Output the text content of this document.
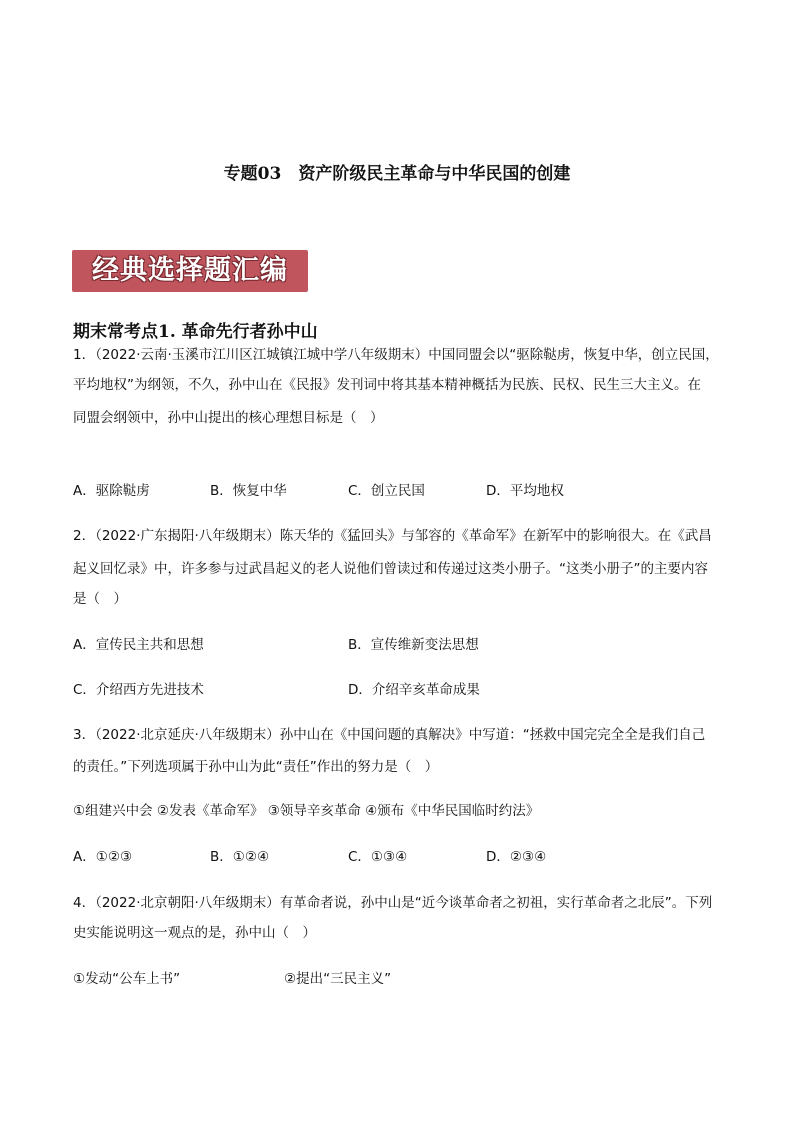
专题03　资产阶级民主革命与中华民国的创建
经典选择题汇编
期末常考点1. 革命先行者孙中山
1．（2022·云南·玉溪市江川区江城镇江城中学八年级期末）中国同盟会以“驱除鞑虏，恢复中华，创立民国，
平均地权”为纲领，不久，孙中山在《民报》发刊词中将其基本精神概括为民族、民权、民生三大主义。在
同盟会纲领中，孙中山提出的核心理想目标是（　）
A．驱除鞑虏	B．恢复中华	C．创立民国	D．平均地权
2．（2022·广东揭阳·八年级期末）陈天华的《猛回头》与邹容的《革命军》在新军中的影响很大。在《武昌
起义回忆录》中，许多参与过武昌起义的老人说他们曾读过和传递过这类小册子。“这类小册子”的主要内容
是（　）
A．宣传民主共和思想	B．宣传维新变法思想
C．介绍西方先进技术	D．介绍辛亥革命成果
3．（2022·北京延庆·八年级期末）孙中山在《中国问题的真解决》中写道：“拯救中国完完全全是我们自己
的责任。”下列选项属于孙中山为此“责任”作出的努力是（　）
①组建兴中会 ②发表《革命军》 ③领导辛亥革命 ④颁布《中华民国临时约法》
A．①②③	B．①②④	C．①③④	D．②③④
4．（2022·北京朝阳·八年级期末）有革命者说，孙中山是“近今谈革命者之初祖，实行革命者之北辰”。下列
史实能说明这一观点的是，孙中山（　）
①发动“公车上书”	②提出“三民主义”
